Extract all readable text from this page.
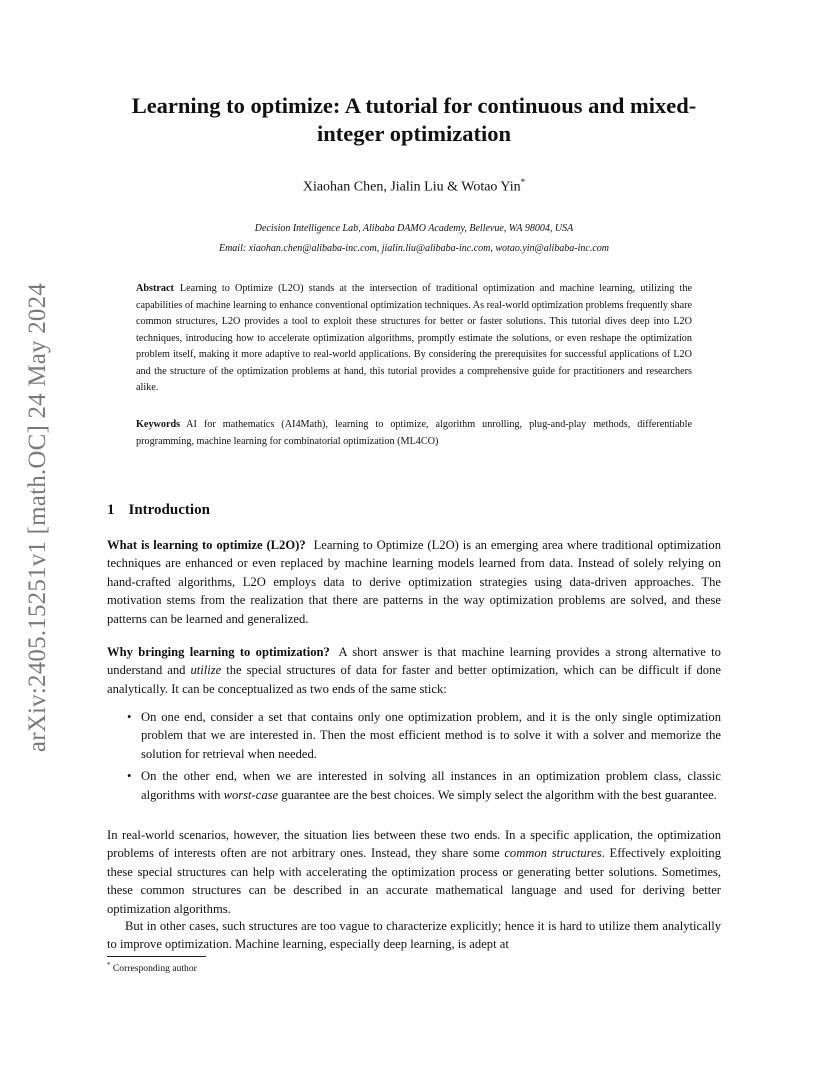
arXiv:2405.15251v1 [math.OC] 24 May 2024
Learning to optimize: A tutorial for continuous and mixed-integer optimization
Xiaohan Chen, Jialin Liu & Wotao Yin*
Decision Intelligence Lab, Alibaba DAMO Academy, Bellevue, WA 98004, USA
Email: xiaohan.chen@alibaba-inc.com, jialin.liu@alibaba-inc.com, wotao.yin@alibaba-inc.com

Abstract Learning to Optimize (L2O) stands at the intersection of traditional optimization and machine learning, utilizing the capabilities of machine learning to enhance conventional optimization techniques. As real-world optimization problems frequently share common structures, L2O provides a tool to exploit these structures for better or faster solutions. This tutorial dives deep into L2O techniques, introducing how to accelerate optimization algorithms, promptly estimate the solutions, or even reshape the optimization problem itself, making it more adaptive to real-world applications. By considering the prerequisites for successful applications of L2O and the structure of the optimization problems at hand, this tutorial provides a comprehensive guide for practitioners and researchers alike.

Keywords AI for mathematics (AI4Math), learning to optimize, algorithm unrolling, plug-and-play methods, differentiable programming, machine learning for combinatorial optimization (ML4CO)

1 Introduction

What is learning to optimize (L2O)? Learning to Optimize (L2O) is an emerging area where traditional optimization techniques are enhanced or even replaced by machine learning models learned from data. Instead of solely relying on hand-crafted algorithms, L2O employs data to derive optimization strategies using data-driven approaches. The motivation stems from the realization that there are patterns in the way optimization problems are solved, and these patterns can be learned and generalized.

Why bringing learning to optimization? A short answer is that machine learning provides a strong alternative to understand and utilize the special structures of data for faster and better optimization, which can be difficult if done analytically. It can be conceptualized as two ends of the same stick:

• On one end, consider a set that contains only one optimization problem, and it is the only single optimization problem that we are interested in. Then the most efficient method is to solve it with a solver and memorize the solution for retrieval when needed.
• On the other end, when we are interested in solving all instances in an optimization problem class, classic algorithms with worst-case guarantee are the best choices. We simply select the algorithm with the best guarantee.

In real-world scenarios, however, the situation lies between these two ends. In a specific application, the optimization problems of interests often are not arbitrary ones. Instead, they share some common structures. Effectively exploiting these special structures can help with accelerating the optimization process or generating better solutions. Sometimes, these common structures can be described in an accurate mathematical language and used for deriving better optimization algorithms.

But in other cases, such structures are too vague to characterize explicitly; hence it is hard to utilize them analytically to improve optimization. Machine learning, especially deep learning, is adept at

* Corresponding author
